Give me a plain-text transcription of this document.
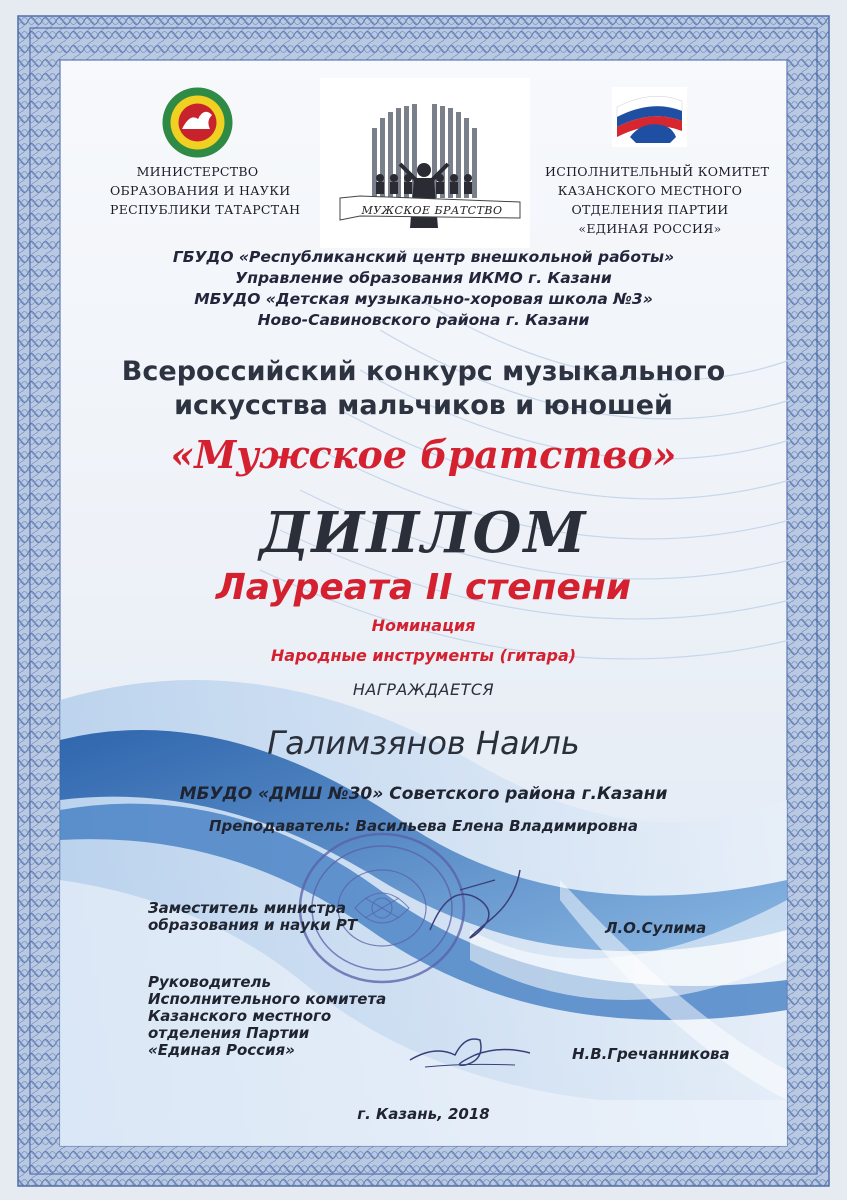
МИНИСТЕРСТВО
ОБРАЗОВАНИЯ И НАУКИ
РЕСПУБЛИКИ ТАТАРСТАН	МУЖСКОЕ БРАТСТВО
ИСПОЛНИТЕЛЬНЫЙ КОМИТЕТ
КАЗАНСКОГО МЕСТНОГО
ОТДЕЛЕНИЯ ПАРТИИ
«ЕДИНАЯ РОССИЯ»
ГБУДО «Республиканский центр внешкольной работы»
Управление образования ИКМО г. Казани
МБУДО «Детская музыкально-хоровая школа №3»
Ново-Савиновского района г. Казани
Всероссийский конкурс музыкального
искусства мальчиков и юношей
«Мужское братство»
ДИПЛОМ
Лауреата II степени
Номинация
Народные инструменты (гитара)
НАГРАЖДАЕТСЯ
Галимзянов Наиль
МБУДО «ДМШ №30» Советского района г.Казани
Преподаватель: Васильева Елена Владимировна
Заместитель министра
образования и науки РТ	Л.О.Сулима
Руководитель
Исполнительного комитета
Казанского местного
отделения Партии
«Единая Россия»	Н.В.Гречанникова
г. Казань, 2018
